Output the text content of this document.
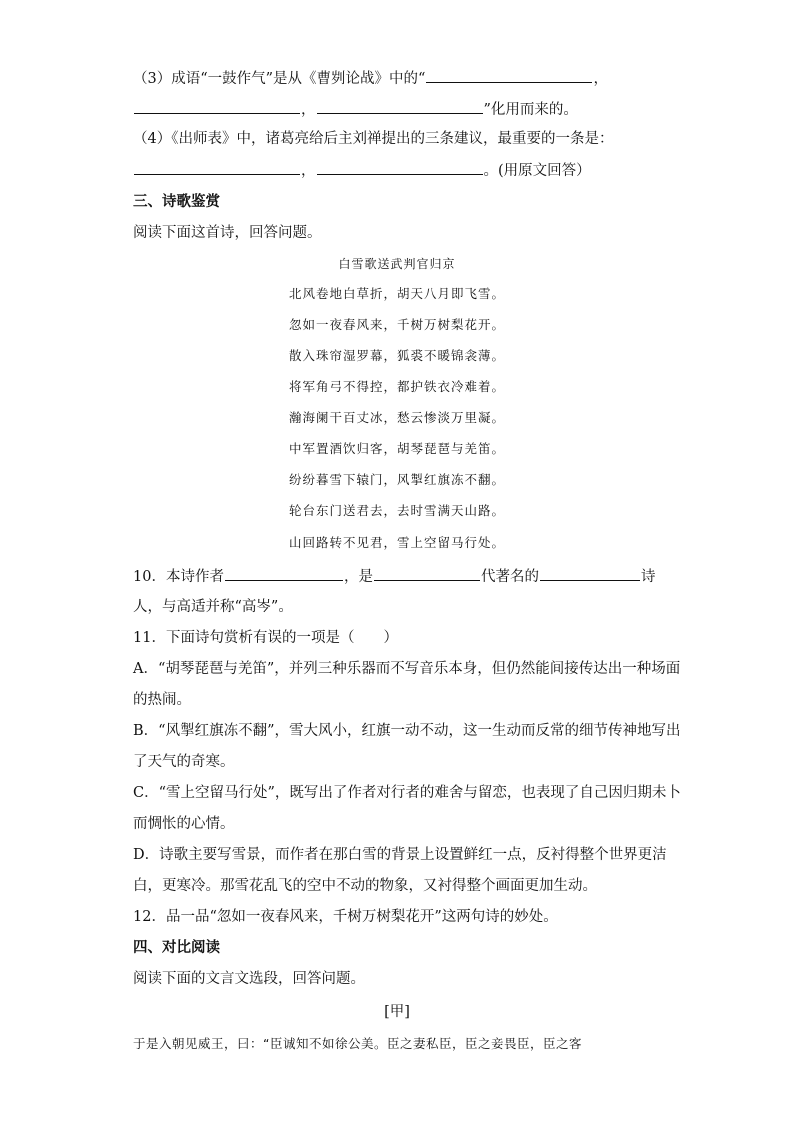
（3）成语“一鼓作气”是从《曹刿论战》中的“	，
，	”化用而来的。
（4）《出师表》中，诸葛亮给后主刘禅提出的三条建议，最重要的一条是：
，	。(用原文回答）
三、诗歌鉴赏
阅读下面这首诗，回答问题。
白雪歌送武判官归京
北风卷地白草折，胡天八月即飞雪。
忽如一夜春风来，千树万树梨花开。
散入珠帘湿罗幕，狐裘不暖锦衾薄。
将军角弓不得控，都护铁衣冷难着。
瀚海阑干百丈冰，愁云惨淡万里凝。
中军置酒饮归客，胡琴琵琶与羌笛。
纷纷暮雪下辕门，风掣红旗冻不翻。
轮台东门送君去，去时雪满天山路。
山回路转不见君，雪上空留马行处。
10．本诗作者	，是	代著名的	诗
人，与高适并称“高岑”。
11．下面诗句赏析有误的一项是（　　）
A．“胡琴琵琶与羌笛”，并列三种乐器而不写音乐本身，但仍然能间接传达出一种场面
的热闹。
B．“风掣红旗冻不翻”，雪大风小，红旗一动不动，这一生动而反常的细节传神地写出
了天气的奇寒。
C．“雪上空留马行处”，既写出了作者对行者的难舍与留恋，也表现了自己因归期未卜
而惆怅的心情。
D．诗歌主要写雪景，而作者在那白雪的背景上设置鲜红一点，反衬得整个世界更洁
白，更寒冷。那雪花乱飞的空中不动的物象，又衬得整个画面更加生动。
12．品一品“忽如一夜春风来，千树万树梨花开”这两句诗的妙处。
四、对比阅读
阅读下面的文言文选段，回答问题。
[甲]
于是入朝见威王，曰：“臣诚知不如徐公美。臣之妻私臣，臣之妾畏臣，臣之客
